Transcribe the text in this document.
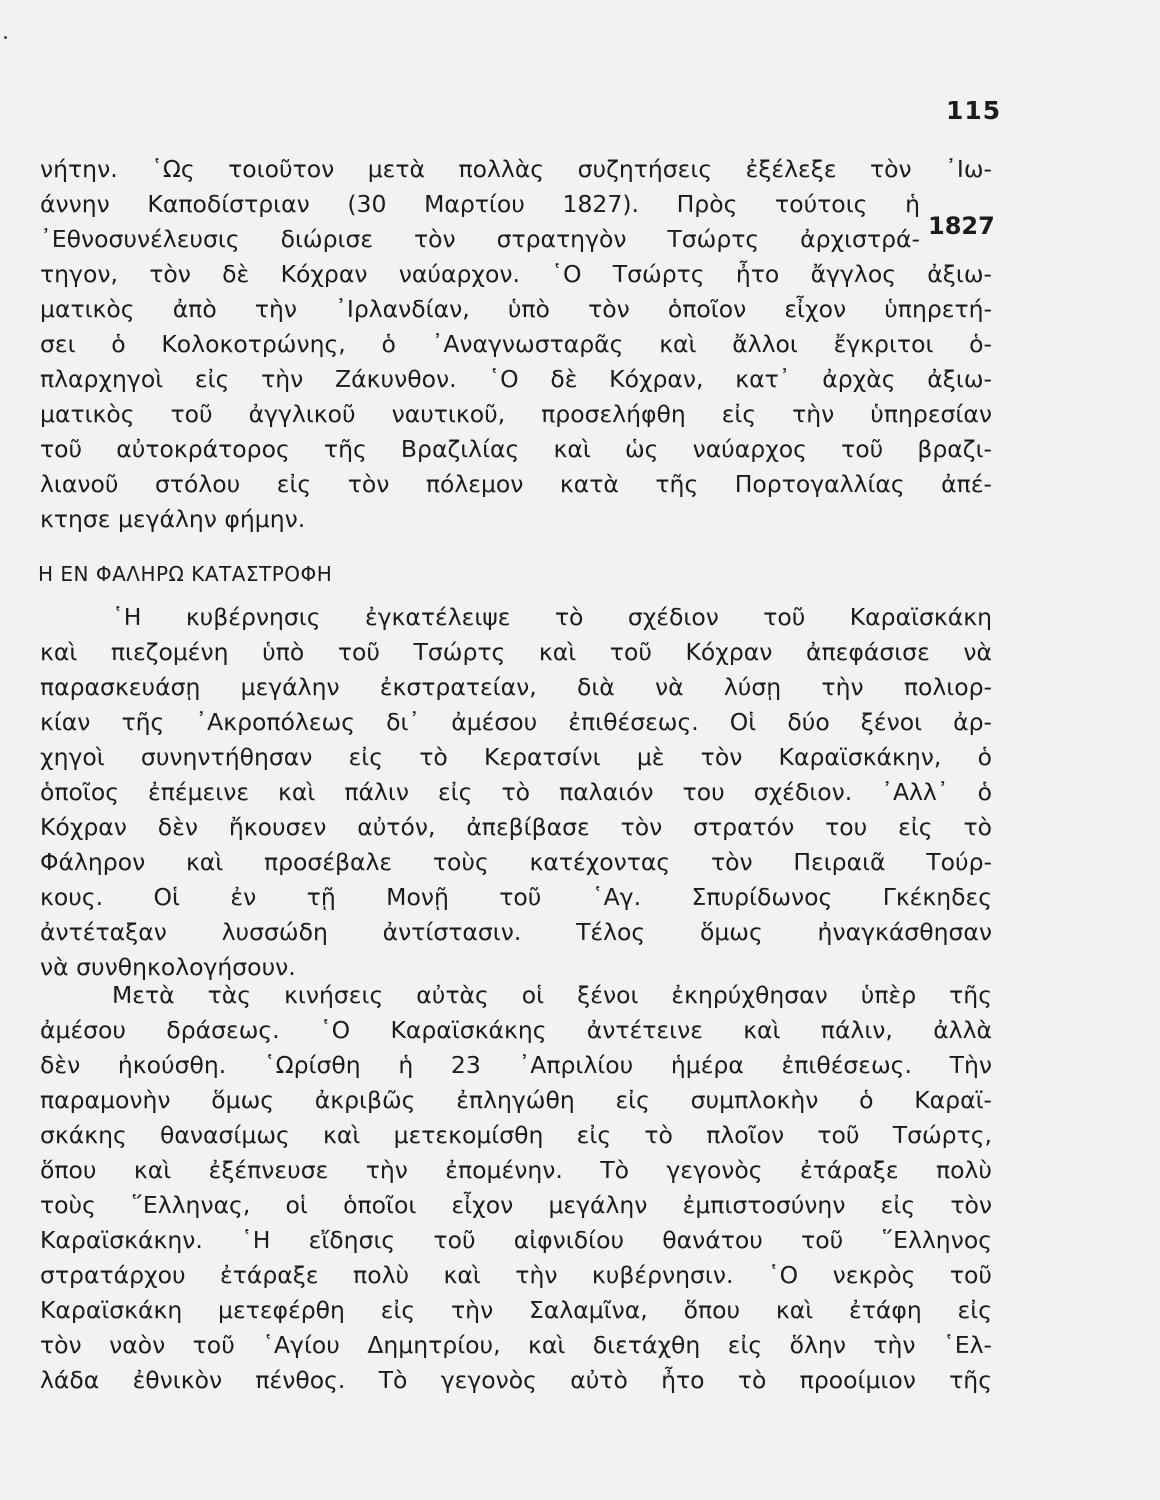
115
1827
νήτην. ῾Ως τοιοῦτον μετὰ πολλὰς συζητήσεις ἐξέλεξε τὸν ᾿Ιω-
άννην Καποδίστριαν (30 Μαρτίου 1827). Πρὸς τούτοις ἡ
᾿Εθνοσυνέλευσις διώρισε τὸν στρατηγὸν Τσώρτς ἀρχιστρά-
τηγον, τὸν δὲ Κόχραν ναύαρχον. ῾Ο Τσώρτς ἦτο ἄγγλος ἀξιω-
ματικὸς ἀπὸ τὴν ᾿Ιρλανδίαν, ὑπὸ τὸν ὁποῖον εἶχον ὑπηρετή-
σει ὁ Κολοκοτρώνης, ὁ ᾿Αναγνωσταρᾶς καὶ ἄλλοι ἔγκριτοι ὁ-
πλαρχηγοὶ εἰς τὴν Ζάκυνθον. ῾Ο δὲ Κόχραν, κατ᾿ ἀρχὰς ἀξιω-
ματικὸς τοῦ ἀγγλικοῦ ναυτικοῦ, προσελήφθη εἰς τὴν ὑπηρεσίαν
τοῦ αὐτοκράτορος τῆς Βραζιλίας καὶ ὡς ναύαρχος τοῦ βραζι-
λιανοῦ στόλου εἰς τὸν πόλεμον κατὰ τῆς Πορτογαλλίας ἀπέ-
κτησε μεγάλην φήμην.
Η ΕΝ ΦΑΛΗΡΩ ΚΑΤΑΣΤΡΟΦΗ
῾Η κυβέρνησις ἐγκατέλειψε τὸ σχέδιον τοῦ Καραϊσκάκη
καὶ πιεζομένη ὑπὸ τοῦ Τσώρτς καὶ τοῦ Κόχραν ἀπεφάσισε νὰ
παρασκευάσῃ μεγάλην ἐκστρατείαν, διὰ νὰ λύσῃ τὴν πολιορ-
κίαν τῆς ᾿Ακροπόλεως δι᾿ ἀμέσου ἐπιθέσεως. Οἱ δύο ξένοι ἀρ-
χηγοὶ συνηντήθησαν εἰς τὸ Κερατσίνι μὲ τὸν Καραϊσκάκην, ὁ
ὁποῖος ἐπέμεινε καὶ πάλιν εἰς τὸ παλαιόν του σχέδιον. ᾿Αλλ᾿ ὁ
Κόχραν δὲν ἤκουσεν αὐτόν, ἀπεβίβασε τὸν στρατόν του εἰς τὸ
Φάληρον καὶ προσέβαλε τοὺς κατέχοντας τὸν Πειραιᾶ Τούρ-
κους. Οἱ ἐν τῇ Μονῇ τοῦ ῾Αγ. Σπυρίδωνος Γκέκηδες
ἀντέταξαν λυσσώδη ἀντίστασιν. Τέλος ὅμως ἠναγκάσθησαν
νὰ συνθηκολογήσουν.
Μετὰ τὰς κινήσεις αὐτὰς οἱ ξένοι ἐκηρύχθησαν ὑπὲρ τῆς
ἀμέσου δράσεως. ῾Ο Καραϊσκάκης ἀντέτεινε καὶ πάλιν, ἀλλὰ
δὲν ἠκούσθη. ῾Ωρίσθη ἡ 23 ᾿Απριλίου ἡμέρα ἐπιθέσεως. Τὴν
παραμονὴν ὅμως ἀκριβῶς ἐπληγώθη εἰς συμπλοκὴν ὁ Καραϊ-
σκάκης θανασίμως καὶ μετεκομίσθη εἰς τὸ πλοῖον τοῦ Τσώρτς,
ὅπου καὶ ἐξέπνευσε τὴν ἐπομένην. Τὸ γεγονὸς ἐτάραξε πολὺ
τοὺς ῞Ελληνας, οἱ ὁποῖοι εἶχον μεγάλην ἐμπιστοσύνην εἰς τὸν
Καραϊσκάκην. ῾Η εἴδησις τοῦ αἰφνιδίου θανάτου τοῦ ῞Ελληνος
στρατάρχου ἐτάραξε πολὺ καὶ τὴν κυβέρνησιν. ῾Ο νεκρὸς τοῦ
Καραϊσκάκη μετεφέρθη εἰς τὴν Σαλαμῖνα, ὅπου καὶ ἐτάφη εἰς
τὸν ναὸν τοῦ ῾Αγίου Δημητρίου, καὶ διετάχθη εἰς ὅλην τὴν ῾Ελ-
λάδα ἐθνικὸν πένθος. Τὸ γεγονὸς αὐτὸ ἦτο τὸ προοίμιον τῆς
